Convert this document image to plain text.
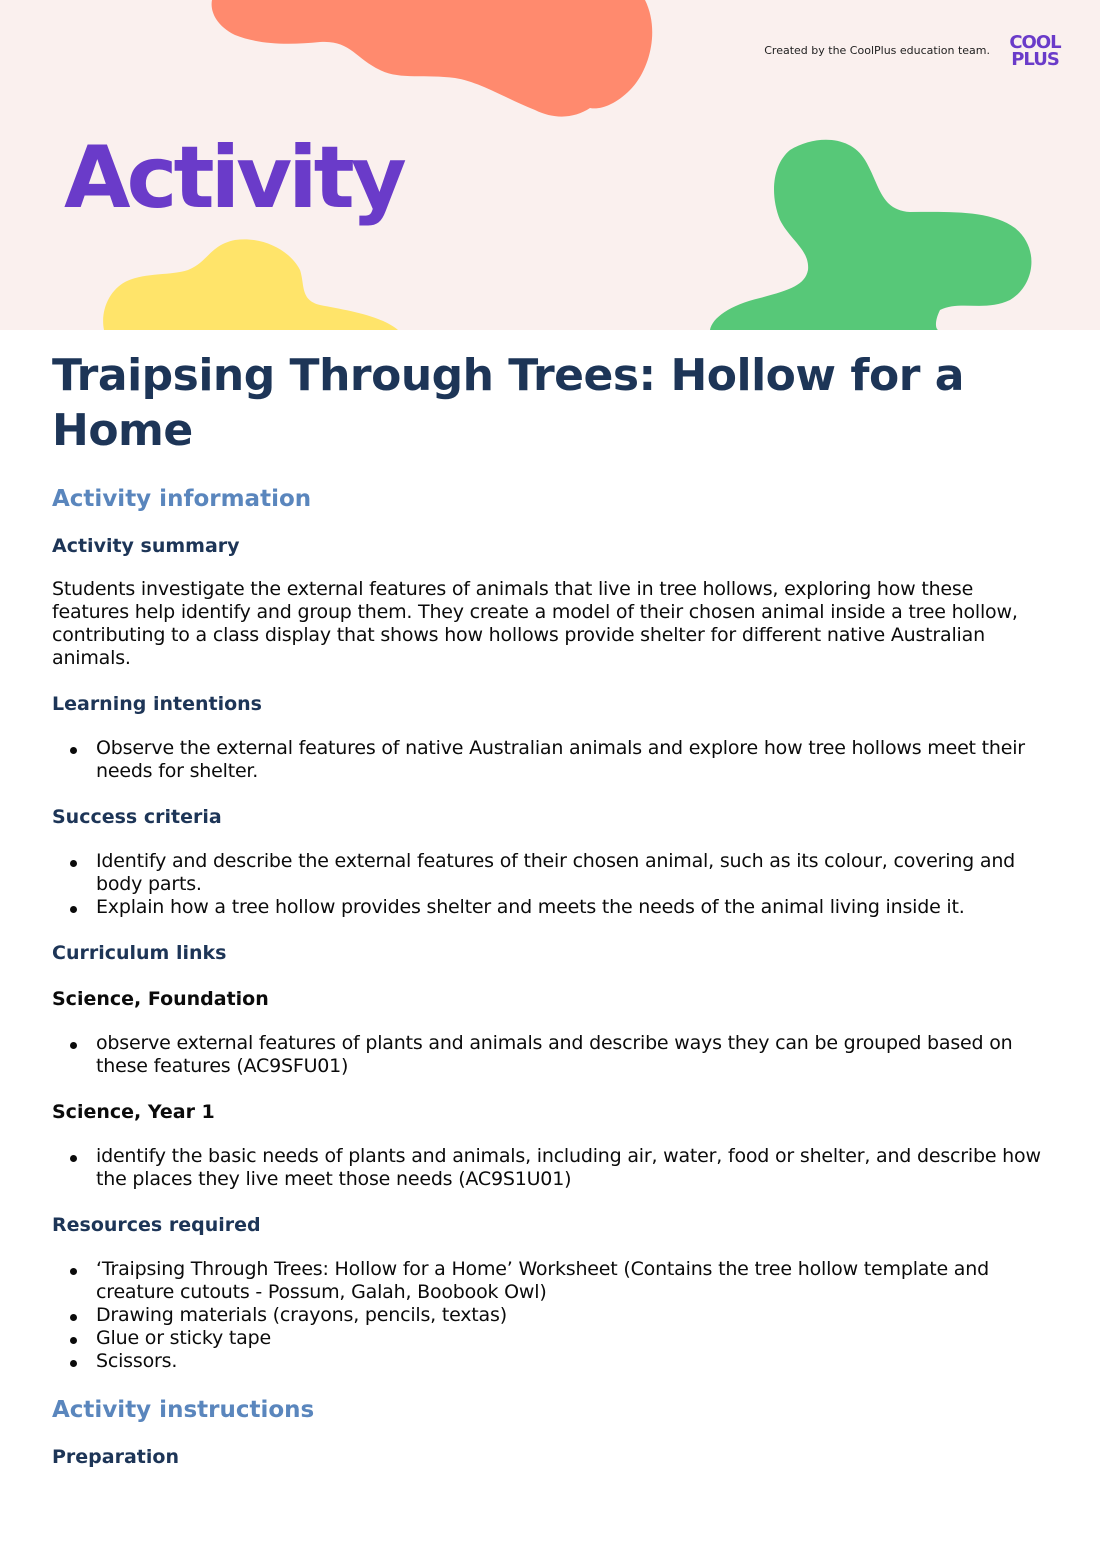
Created by the CoolPlus education team.	COOL
PLUS
Activity
Traipsing Through Trees: Hollow for a Home
Activity information
Activity summary

Students investigate the external features of animals that live in tree hollows, exploring how these features help identify and group them. They create a model of their chosen animal inside a tree hollow, contributing to a class display that shows how hollows provide shelter for different native Australian animals.

Learning intentions
Observe the external features of native Australian animals and explore how tree hollows meet their needs for shelter.
Success criteria
Identify and describe the external features of their chosen animal, such as its colour, covering and body parts.
Explain how a tree hollow provides shelter and meets the needs of the animal living inside it.
Curriculum links
Science, Foundation
observe external features of plants and animals and describe ways they can be grouped based on these features (AC9SFU01)
Science, Year 1
identify the basic needs of plants and animals, including air, water, food or shelter, and describe how the places they live meet those needs (AC9S1U01)
Resources required
‘Traipsing Through Trees: Hollow for a Home’ Worksheet (Contains the tree hollow template and creature cutouts - Possum, Galah, Boobook Owl)
Drawing materials (crayons, pencils, textas)
Glue or sticky tape
Scissors.
Activity instructions
Preparation
